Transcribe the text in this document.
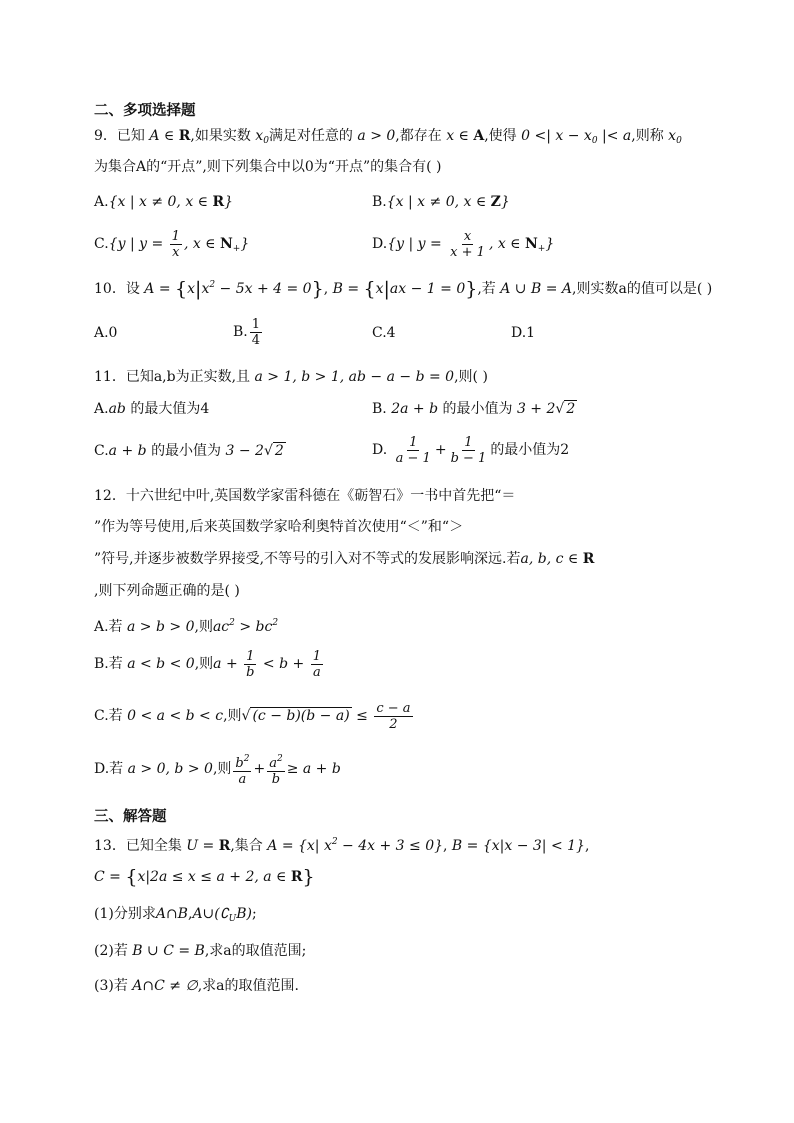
二、多项选择题
9．已知 A ∈ R,如果实数 $x_0$满足对任意的 a > 0,都存在 x ∈ A,使得 0 <| $x - x_0$ |< a,则称 $x_0$
为集合A的“开点”,则下列集合中以0为“开点”的集合有( )
A.{x | x ≠ 0, x ∈ R}	B.{x | x ≠ 0, x ∈ Z}
C.{y | $y = \frac{1}{x}$ , x ∈ $N_+$}	D.{y | $y = \frac{x}{x + 1}$ , x ∈ $N_+$}
10．设 $A = \{x|x^2 - 5x + 4 = 0\}$, B = {x|ax − 1 = 0},若 A ∪ B = A,则实数a的值可以是( )
A.0	B. $\frac{1}{4}$	C.4	D.1
11．已知a,b为正实数,且 a > 1, b > 1, ab − a − b = 0,则( )
A.ab 的最大值为4	B. 2a + b 的最小值为 3 + 2√ 2
C.a + b 的最小值为 3 − 2√ 2	D. $\frac{1}{a - 1} + \frac{1}{b - 1}$ 的最小值为2
12．十六世纪中叶,英国数学家雷科德在《砺智石》一书中首先把“＝
”作为等号使用,后来英国数学家哈利奥特首次使用“＜”和“＞
”符号,并逐步被数学界接受,不等号的引入对不等式的发展影响深远.若a, b, c ∈ R
,则下列命题正确的是( )
A.若 a > b > 0,则$ac^2 > bc^2$
B.若 a < b < 0,则$a + \frac{1}{b} < b + \frac{1}{a}$
C.若 0 < a < b < c,则√ $(c - b)(b - a) \le \frac{c - a}{2}$
D.若 a > 0, b > 0,则 $\frac{b^2}{a} + \frac{a^2}{b} \ge a + b$
三、解答题
13．已知全集 U = R,集合 A = {x| $x^2 - 4x + 3 \le 0$}, B = {x|x − 3| < 1},
C = {x|2a ≤ x ≤ a + 2, a ∈ R}
(1)分别求$A\cap B,A\cup(∁_UB)$;
(2)若 B ∪ C = B,求a的取值范围;
(3)若 A∩C ≠ ∅,求a的取值范围.
